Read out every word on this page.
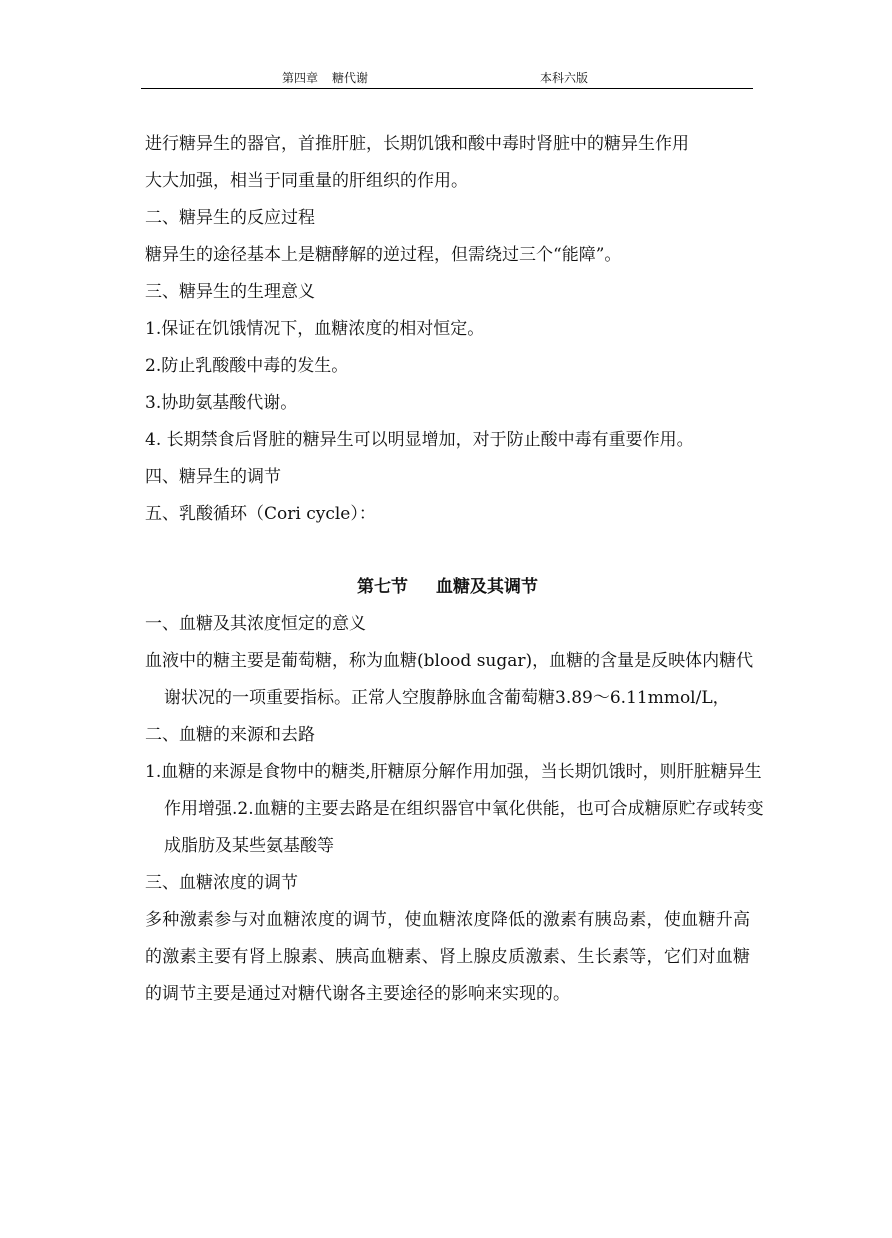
第四章 糖代谢	本科六版

进行糖异生的器官，首推肝脏，长期饥饿和酸中毒时肾脏中的糖异生作用

大大加强，相当于同重量的肝组织的作用。

二、糖异生的反应过程

糖异生的途径基本上是糖酵解的逆过程，但需绕过三个“能障”。

三、糖异生的生理意义

1.保证在饥饿情况下，血糖浓度的相对恒定。

2.防止乳酸酸中毒的发生。

3.协助氨基酸代谢。

4. 长期禁食后肾脏的糖异生可以明显增加，对于防止酸中毒有重要作用。

四、糖异生的调节

五、乳酸循环（Cori cycle）：

第七节 血糖及其调节

一、血糖及其浓度恒定的意义

血液中的糖主要是葡萄糖，称为血糖(blood sugar)，血糖的含量是反映体内糖代谢状况的一项重要指标。正常人空腹静脉血含葡萄糖3.89～6.11mmol/L，

二、血糖的来源和去路

1.血糖的来源是食物中的糖类,肝糖原分解作用加强，当长期饥饿时，则肝脏糖异生作用增强.2.血糖的主要去路是在组织器官中氧化供能，也可合成糖原贮存或转变成脂肪及某些氨基酸等

三、血糖浓度的调节

多种激素参与对血糖浓度的调节，使血糖浓度降低的激素有胰岛素，使血糖升高的激素主要有肾上腺素、胰高血糖素、肾上腺皮质激素、生长素等，它们对血糖的调节主要是通过对糖代谢各主要途径的影响来实现的。
